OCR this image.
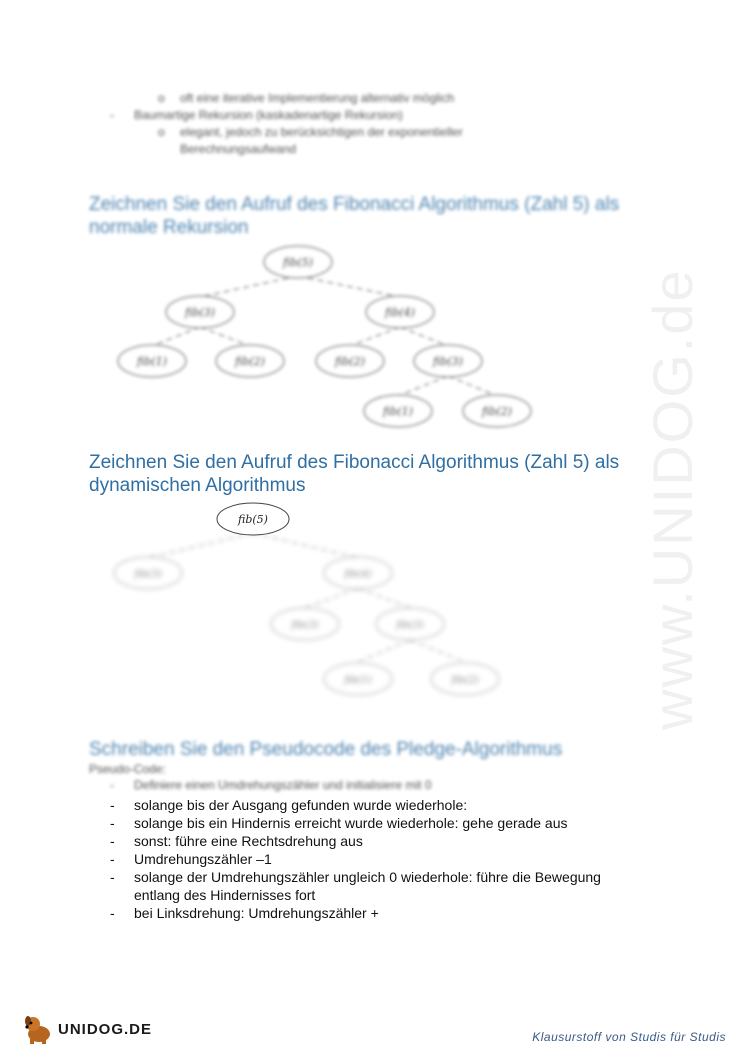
www.UNIDOG.de
o	oft eine iterative Implementierung alternativ möglich
-	Baumartige Rekursion (kaskadenartige Rekursion)
o	elegant, jedoch zu berücksichtigen der exponentieller
Berechnungsaufwand
Zeichnen Sie den Aufruf des Fibonacci Algorithmus (Zahl 5) als
normale Rekursion
fib(5)
fib(3)	fib(4)
fib(1)	fib(2)	fib(2)	fib(3)
fib(1)	fib(2)
Zeichnen Sie den Aufruf des Fibonacci Algorithmus (Zahl 5) als
dynamischen Algorithmus
fib(5)
fib(3)	fib(4)
fib(3)	fib(3)
fib(1)	fib(2)
Schreiben Sie den Pseudocode des Pledge-Algorithmus
Pseudo-Code:
-	Definiere einen Umdrehungszähler und initialisiere mit 0
-	solange bis der Ausgang gefunden wurde wiederhole:
-	solange bis ein Hindernis erreicht wurde wiederhole: gehe gerade aus
-	sonst: führe eine Rechtsdrehung aus
-	Umdrehungszähler –1
-	solange der Umdrehungszähler ungleich 0 wiederhole: führe die Bewegung
entlang des Hindernisses fort
-	bei Linksdrehung: Umdrehungszähler +
UNIDOG.DE	Klausurstoff von Studis für Studis
